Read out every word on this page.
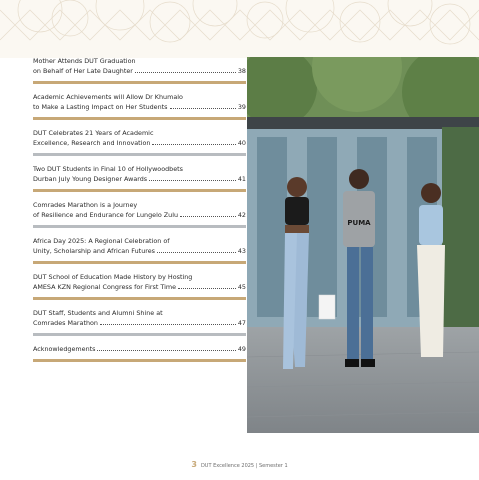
Mother Attends DUT Graduation
on Behalf of Her Late Daughter	38
Academic Achievements will Allow Dr Khumalo
to Make a Lasting Impact on Her Students	39
DUT Celebrates 21 Years of Academic
Excellence, Research and Innovation	40
Two DUT Students in Final 10 of Hollywoodbets
Durban July Young Designer Awards	41
Comrades Marathon is a Journey
of Resilience and Endurance for Lungelo Zulu	42
Africa Day 2025: A Regional Celebration of
Unity, Scholarship and African Futures	43
DUT School of Education Made History by Hosting
AMESA KZN Regional Congress for First Time	45
DUT Staff, Students and Alumni Shine at
Comrades Marathon	47
Acknowledgements	49
PUMA
3 DUT Excellence 2025 | Semester 1
